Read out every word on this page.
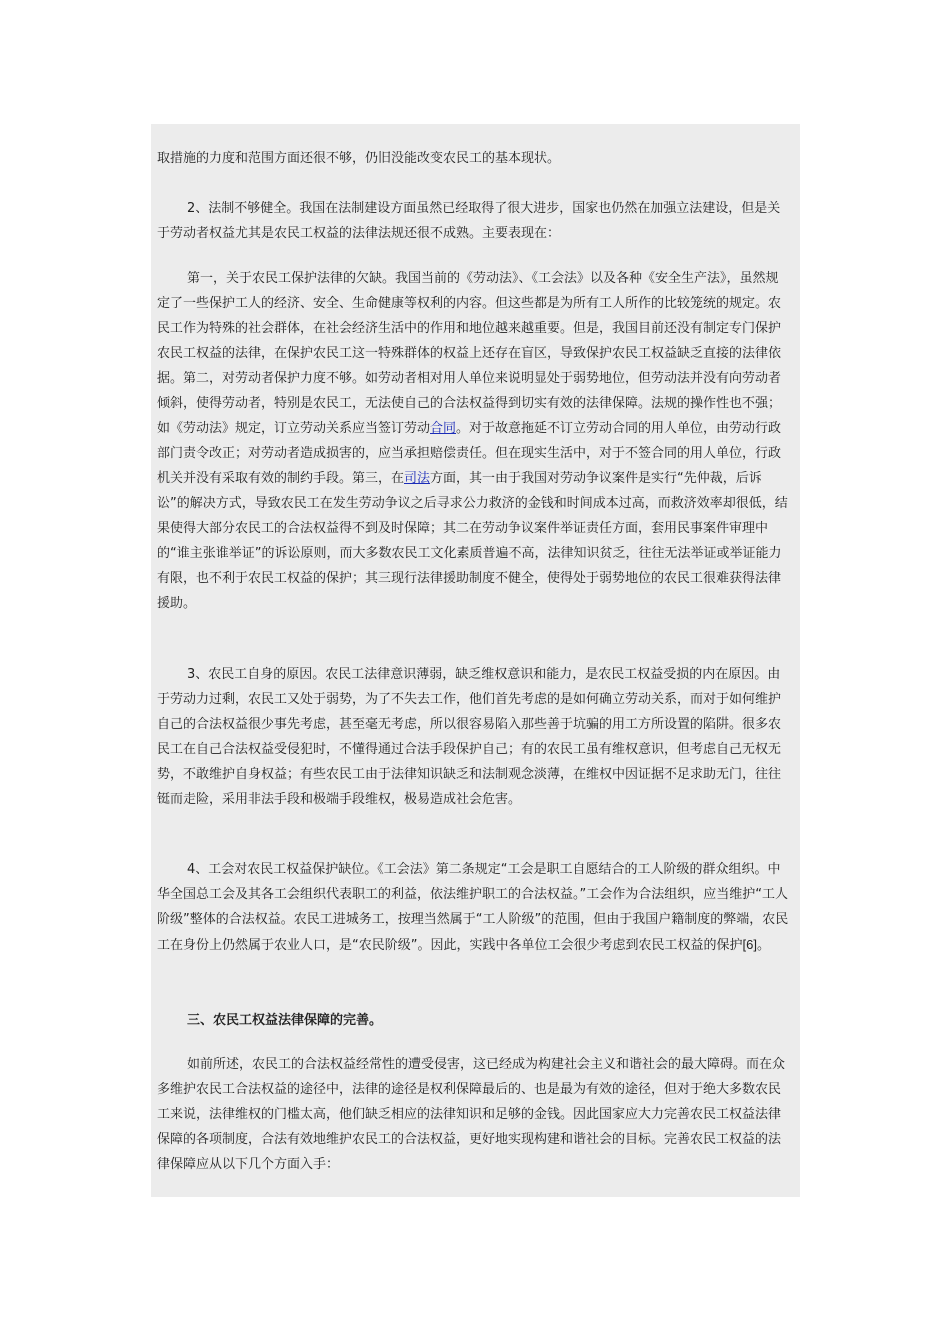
取措施的力度和范围方面还很不够，仍旧没能改变农民工的基本现状。

2、法制不够健全。我国在法制建设方面虽然已经取得了很大进步，国家也仍然在加强立法建设，但是关于劳动者权益尤其是农民工权益的法律法规还很不成熟。主要表现在：

第一，关于农民工保护法律的欠缺。我国当前的《劳动法》、《工会法》以及各种《安全生产法》，虽然规定了一些保护工人的经济、安全、生命健康等权利的内容。但这些都是为所有工人所作的比较笼统的规定。农民工作为特殊的社会群体，在社会经济生活中的作用和地位越来越重要。但是，我国目前还没有制定专门保护农民工权益的法律，在保护农民工这一特殊群体的权益上还存在盲区，导致保护农民工权益缺乏直接的法律依据。第二，对劳动者保护力度不够。如劳动者相对用人单位来说明显处于弱势地位，但劳动法并没有向劳动者倾斜，使得劳动者，特别是农民工，无法使自己的合法权益得到切实有效的法律保障。法规的操作性也不强；如《劳动法》规定，订立劳动关系应当签订劳动合同。对于故意拖延不订立劳动合同的用人单位，由劳动行政部门责令改正；对劳动者造成损害的，应当承担赔偿责任。但在现实生活中，对于不签合同的用人单位，行政机关并没有采取有效的制约手段。第三，在司法方面，其一由于我国对劳动争议案件是实行“先仲裁，后诉讼”的解决方式，导致农民工在发生劳动争议之后寻求公力救济的金钱和时间成本过高，而救济效率却很低，结果使得大部分农民工的合法权益得不到及时保障；其二在劳动争议案件举证责任方面，套用民事案件审理中的“谁主张谁举证”的诉讼原则，而大多数农民工文化素质普遍不高，法律知识贫乏，往往无法举证或举证能力有限，也不利于农民工权益的保护；其三现行法律援助制度不健全，使得处于弱势地位的农民工很难获得法律援助。

3、农民工自身的原因。农民工法律意识薄弱，缺乏维权意识和能力，是农民工权益受损的内在原因。由于劳动力过剩，农民工又处于弱势，为了不失去工作，他们首先考虑的是如何确立劳动关系，而对于如何维护自己的合法权益很少事先考虑，甚至毫无考虑，所以很容易陷入那些善于坑骗的用工方所设置的陷阱。很多农民工在自己合法权益受侵犯时，不懂得通过合法手段保护自己；有的农民工虽有维权意识，但考虑自己无权无势，不敢维护自身权益；有些农民工由于法律知识缺乏和法制观念淡薄，在维权中因证据不足求助无门，往往铤而走险，采用非法手段和极端手段维权，极易造成社会危害。

4、工会对农民工权益保护缺位。《工会法》第二条规定“工会是职工自愿结合的工人阶级的群众组织。中华全国总工会及其各工会组织代表职工的利益，依法维护职工的合法权益。”工会作为合法组织，应当维护“工人阶级”整体的合法权益。农民工进城务工，按理当然属于“工人阶级”的范围，但由于我国户籍制度的弊端，农民工在身份上仍然属于农业人口，是“农民阶级”。因此，实践中各单位工会很少考虑到农民工权益的保护[6]。

三、农民工权益法律保障的完善。

如前所述，农民工的合法权益经常性的遭受侵害，这已经成为构建社会主义和谐社会的最大障碍。而在众多维护农民工合法权益的途径中，法律的途径是权利保障最后的、也是最为有效的途径，但对于绝大多数农民工来说，法律维权的门槛太高，他们缺乏相应的法律知识和足够的金钱。因此国家应大力完善农民工权益法律保障的各项制度，合法有效地维护农民工的合法权益，更好地实现构建和谐社会的目标。完善农民工权益的法律保障应从以下几个方面入手：
